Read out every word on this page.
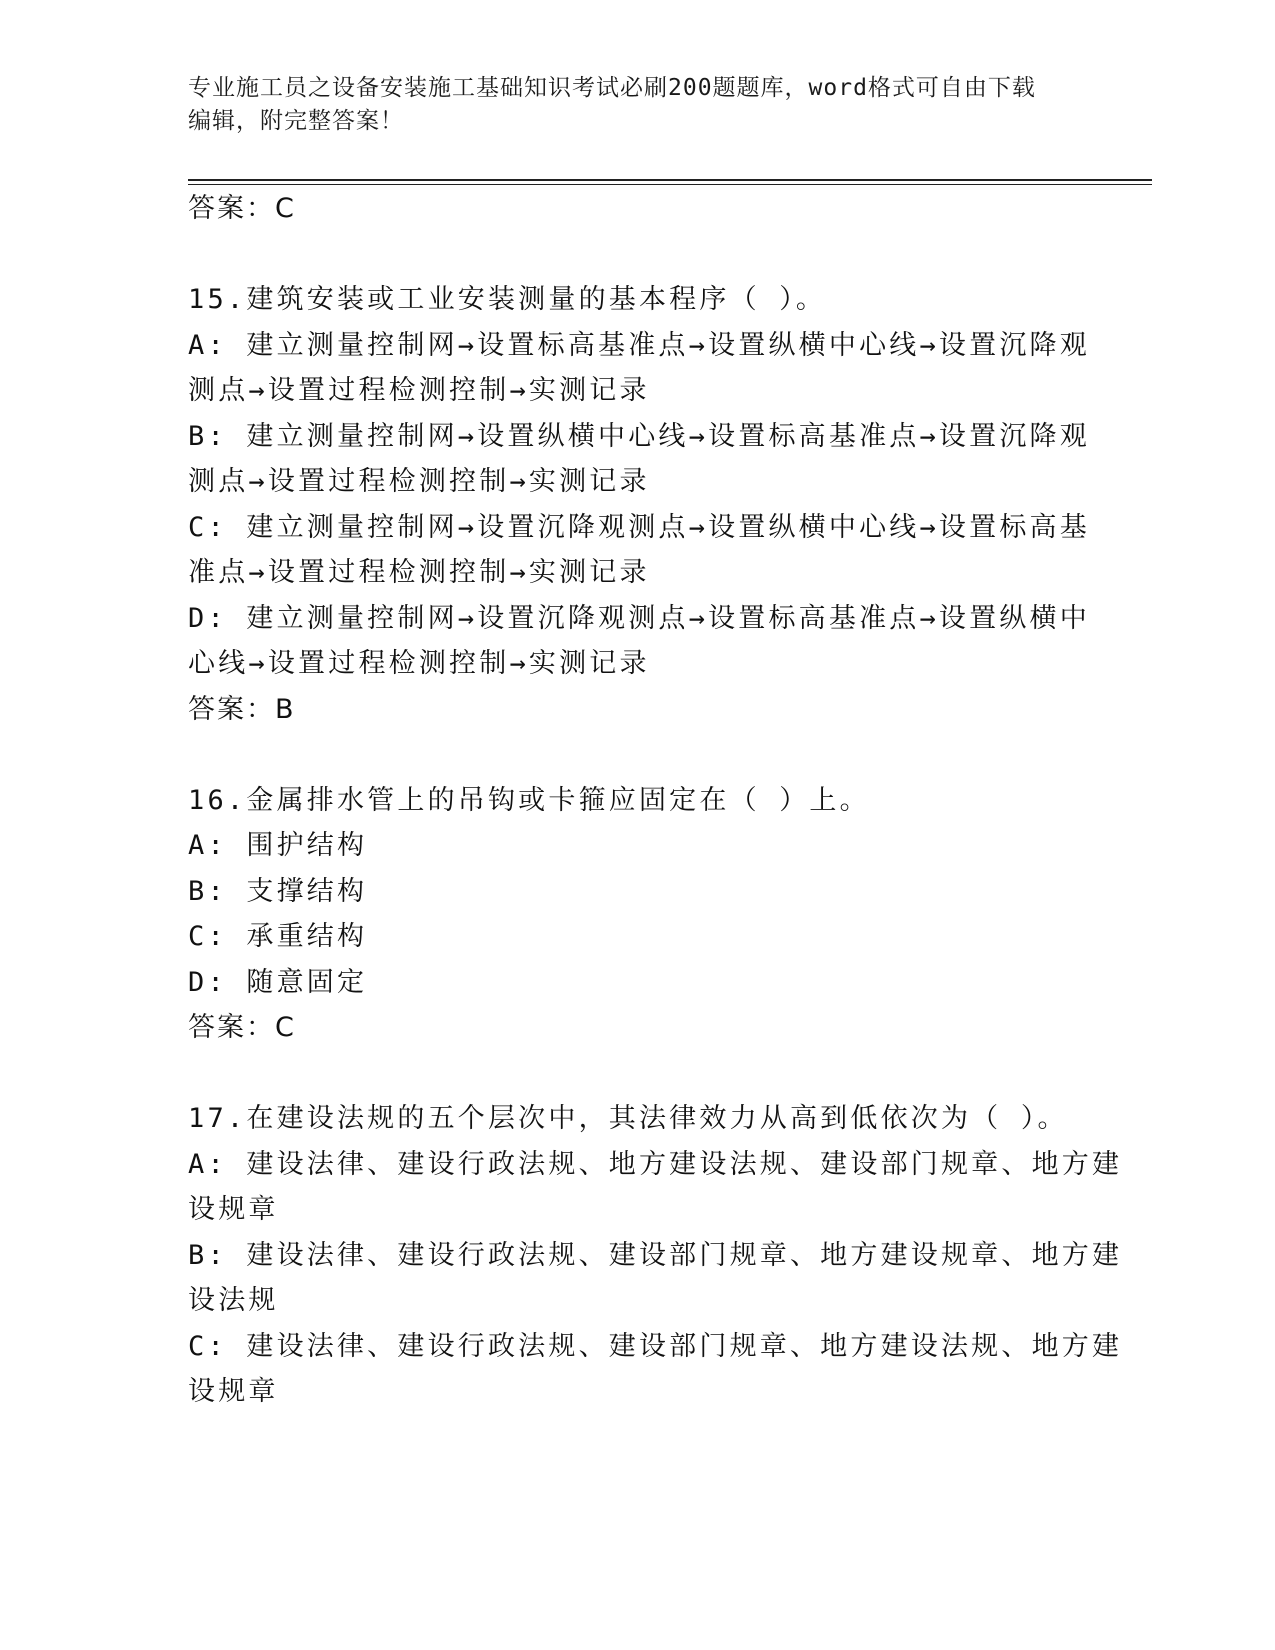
专业施工员之设备安装施工基础知识考试必刷200题题库，word格式可自由下载
编辑，附完整答案！
答案：C
15.建筑安装或工业安装测量的基本程序（ ）。
A: 建立测量控制网→设置标高基准点→设置纵横中心线→设置沉降观
测点→设置过程检测控制→实测记录
B: 建立测量控制网→设置纵横中心线→设置标高基准点→设置沉降观
测点→设置过程检测控制→实测记录
C: 建立测量控制网→设置沉降观测点→设置纵横中心线→设置标高基
准点→设置过程检测控制→实测记录
D: 建立测量控制网→设置沉降观测点→设置标高基准点→设置纵横中
心线→设置过程检测控制→实测记录
答案：B
16.金属排水管上的吊钩或卡箍应固定在（ ）上。
A: 围护结构
B: 支撑结构
C: 承重结构
D: 随意固定
答案：C
17.在建设法规的五个层次中，其法律效力从高到低依次为（ ）。
A: 建设法律、建设行政法规、地方建设法规、建设部门规章、地方建
设规章
B: 建设法律、建设行政法规、建设部门规章、地方建设规章、地方建
设法规
C: 建设法律、建设行政法规、建设部门规章、地方建设法规、地方建
设规章
